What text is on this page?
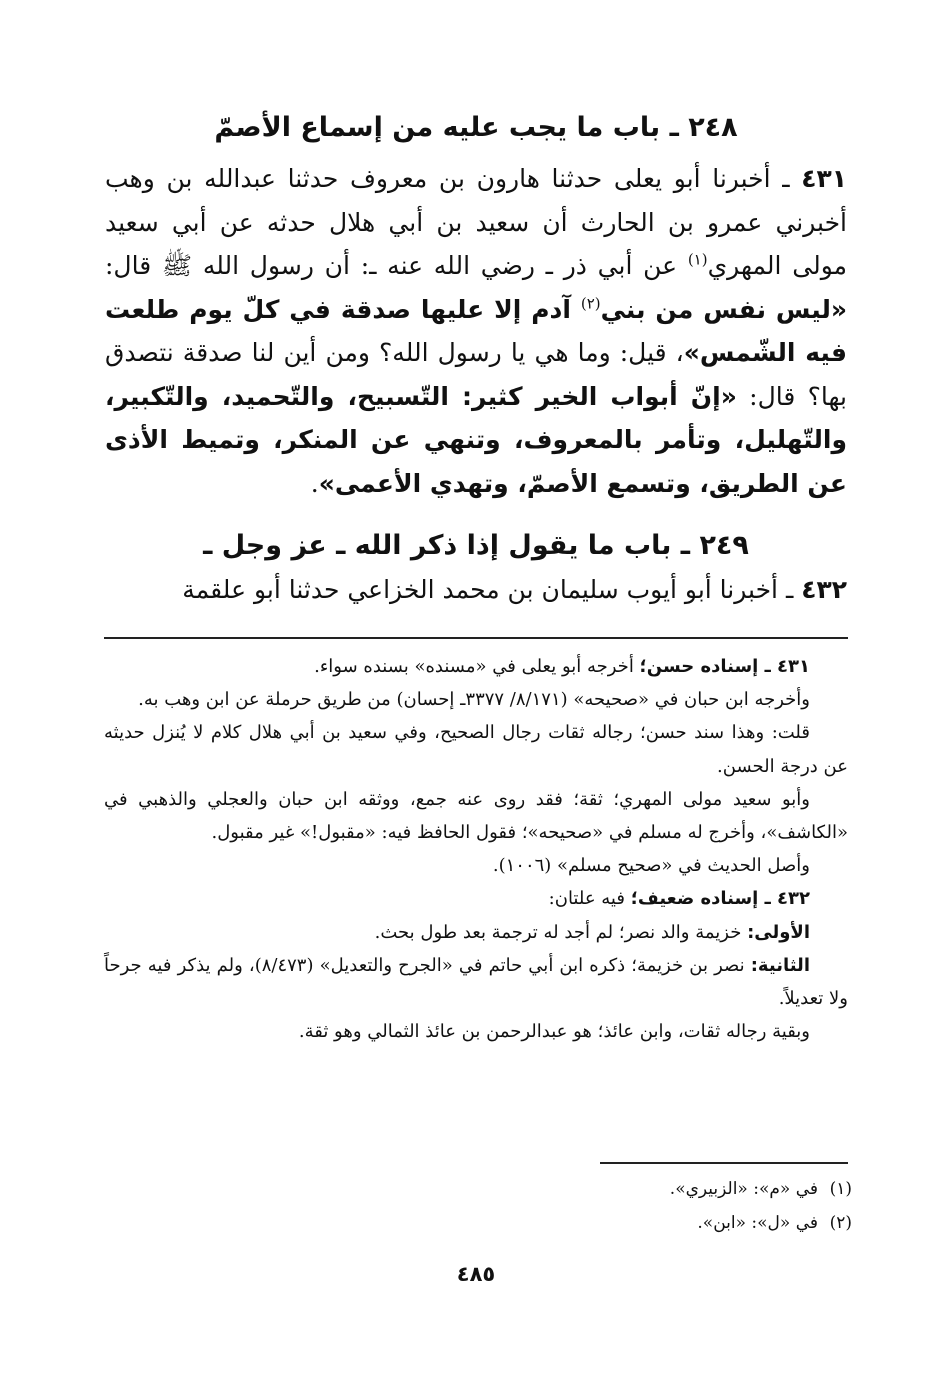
٢٤٨ ـ باب ما يجب عليه من إسماع الأصمّ
٤٣١ ـ أخبرنا أبو يعلى حدثنا هارون بن معروف حدثنا عبدالله بن وهب أخبرني عمرو بن الحارث أن سعيد بن أبي هلال حدثه عن أبي سعيد مولى المهري$^{(١)}$ عن أبي ذر ـ رضي الله عنه ـ: أن رسول الله ﷺ قال: «ليس نفس من بني$^{(٢)}$ آدم إلا عليها صدقة في كلّ يوم طلعت فيه الشّمس»، قيل: وما هي يا رسول الله؟ ومن أين لنا صدقة نتصدق بها؟ قال: «إنّ أبواب الخير كثير: التّسبيح، والتّحميد، والتّكبير، والتّهليل، وتأمر بالمعروف، وتنهي عن المنكر، وتميط الأذى عن الطريق، وتسمع الأصمّ، وتهدي الأعمى».
٢٤٩ ـ باب ما يقول إذا ذكر الله ـ عز وجل ـ
٤٣٢ ـ أخبرنا أبو أيوب سليمان بن محمد الخزاعي حدثنا أبو علقمة

٤٣١ ـ إسناده حسن؛ أخرجه أبو يعلى في «مسنده» بسنده سواء.

وأخرجه ابن حبان في «صحيحه» (٨/١٧١/ ٣٣٧٧ـ إحسان) من طريق حرملة عن ابن وهب به.

قلت: وهذا سند حسن؛ رجاله ثقات رجال الصحيح، وفي سعيد بن أبي هلال كلام لا يُنزل حديثه عن درجة الحسن.

وأبو سعيد مولى المهري؛ ثقة؛ فقد روى عنه جمع، ووثقه ابن حبان والعجلي والذهبي في «الكاشف»، وأخرج له مسلم في «صحيحه»؛ فقول الحافظ فيه: «مقبول!» غير مقبول.

وأصل الحديث في «صحيح مسلم» (١٠٠٦).

٤٣٢ ـ إسناده ضعيف؛ فيه علتان:

الأولى: خزيمة والد نصر؛ لم أجد له ترجمة بعد طول بحث.

الثانية: نصر بن خزيمة؛ ذكره ابن أبي حاتم في «الجرح والتعديل» (٨/٤٧٣)، ولم يذكر فيه جرحاً ولا تعديلاً.

وبقية رجاله ثقات، وابن عائذ؛ هو عبدالرحمن بن عائذ الثمالي وهو ثقة.

(١)في «م»: «الزبيري».

(٢)في «ل»: «ابن».

٤٨٥
